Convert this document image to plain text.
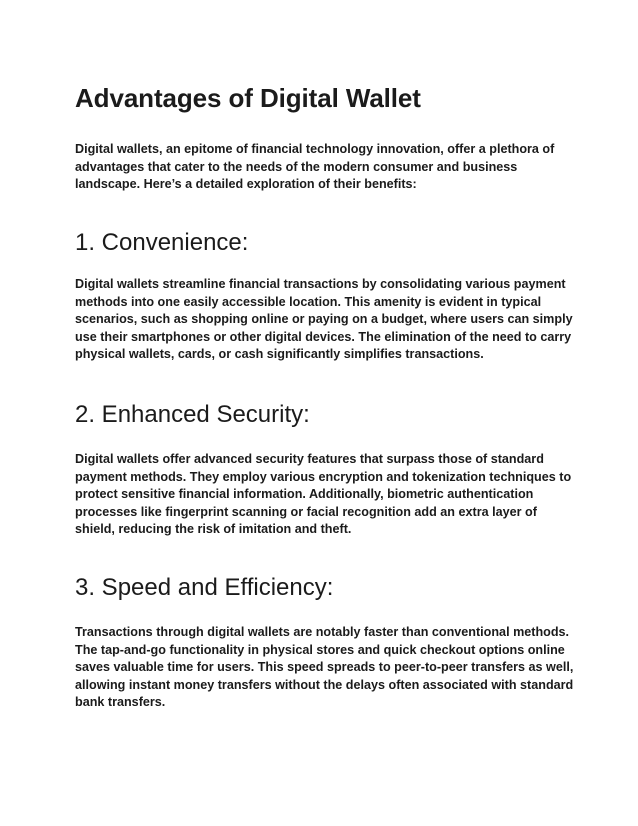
Advantages of Digital Wallet

Digital wallets, an epitome of financial technology innovation, offer a plethora of advantages that cater to the needs of the modern consumer and business landscape. Here’s a detailed exploration of their benefits:

1. Convenience:

Digital wallets streamline financial transactions by consolidating various payment methods into one easily accessible location. This amenity is evident in typical scenarios, such as shopping online or paying on a budget, where users can simply use their smartphones or other digital devices. The elimination of the need to carry physical wallets, cards, or cash significantly simplifies transactions.

2. Enhanced Security:

Digital wallets offer advanced security features that surpass those of standard payment methods. They employ various encryption and tokenization techniques to protect sensitive financial information. Additionally, biometric authentication processes like fingerprint scanning or facial recognition add an extra layer of shield, reducing the risk of imitation and theft.

3. Speed and Efficiency:

Transactions through digital wallets are notably faster than conventional methods. The tap-and-go functionality in physical stores and quick checkout options online saves valuable time for users. This speed spreads to peer-to-peer transfers as well, allowing instant money transfers without the delays often associated with standard bank transfers.
